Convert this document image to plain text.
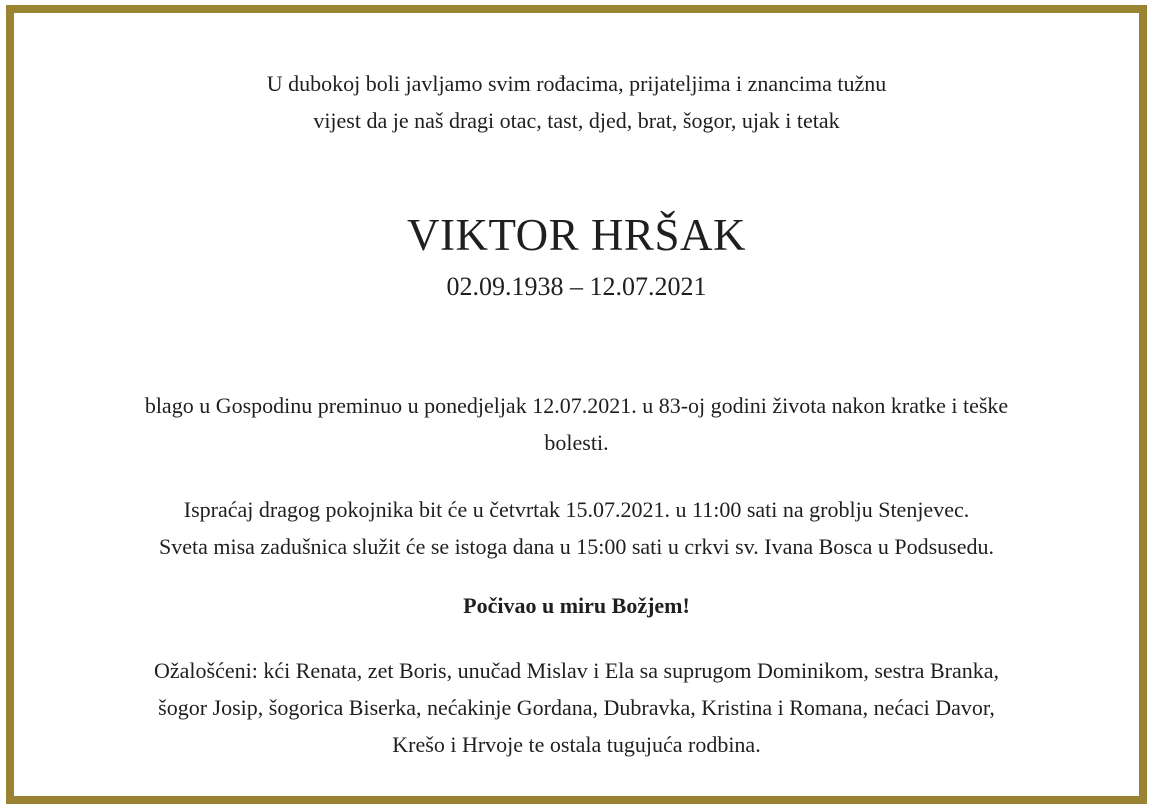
U dubokoj boli javljamo svim rođacima, prijateljima i znancima tužnu
vijest da je naš dragi otac, tast, djed, brat, šogor, ujak i tetak

VIKTOR HRŠAK
02.09.1938 – 12.07.2021

blago u Gospodinu preminuo u ponedjeljak 12.07.2021. u 83-oj godini života nakon kratke i teške
bolesti.

Ispraćaj dragog pokojnika bit će u četvrtak 15.07.2021. u 11:00 sati na groblju Stenjevec.
Sveta misa zadušnica služit će se istoga dana u 15:00 sati u crkvi sv. Ivana Bosca u Podsusedu.

Počivao u miru Božjem!

Ožalošćeni: kći Renata, zet Boris, unučad Mislav i Ela sa suprugom Dominikom, sestra Branka,
šogor Josip, šogorica Biserka, nećakinje Gordana, Dubravka, Kristina i Romana, nećaci Davor,
Krešo i Hrvoje te ostala tugujuća rodbina.
